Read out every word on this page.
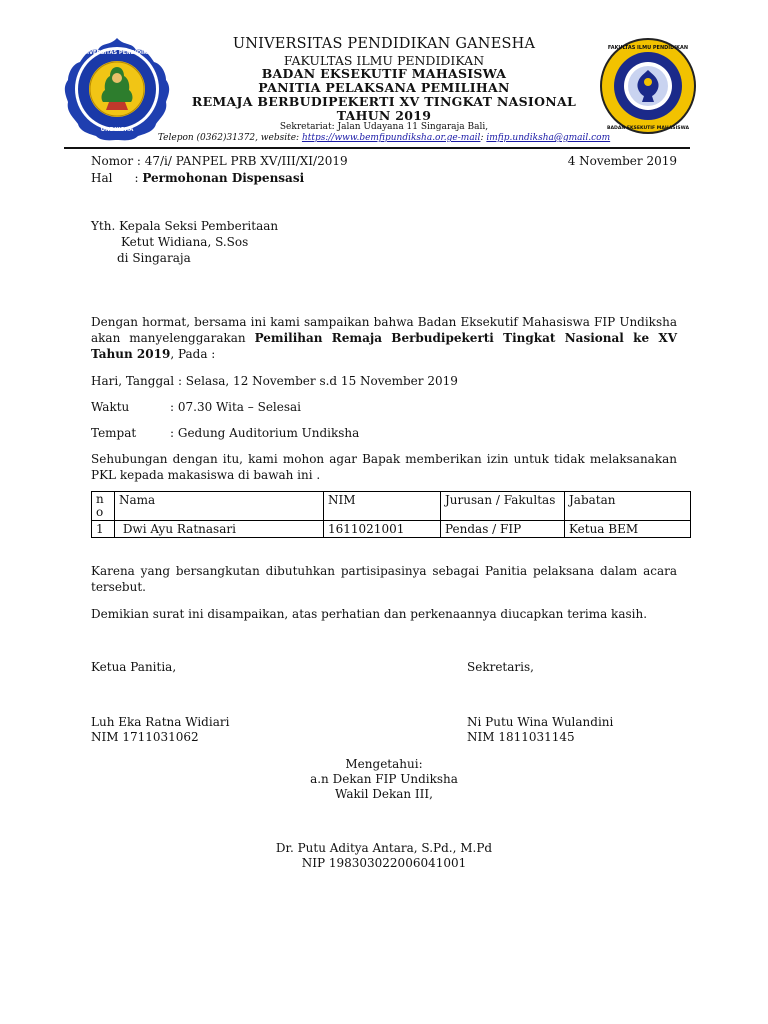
UNIVERSITAS PENDIDIKAN
UNDIKSHA
FAKULTAS ILMU PENDIDIKAN
BADAN EKSEKUTIF MAHASISWA
UNIVERSITAS PENDIDIKAN GANESHA
FAKULTAS ILMU PENDIDIKAN
BADAN EKSEKUTIF MAHASISWA
PANITIA PELAKSANA PEMILIHAN
REMAJA BERBUDIPEKERTI XV TINGKAT NASIONAL
TAHUN 2019
Sekretariat: Jalan Udayana 11 Singaraja Bali,
Telepon (0362)31372, website: https://www.bemfipundiksha.or.ge-mail: imfip.undiksha@gmail.com
Nomor : 47/i/ PANPEL PRB XV/III/XI/2019	4 November 2019
Hal : Permohonan Dispensasi
Yth. Kepala Seksi Pemberitaan
Ketut Widiana, S.Sos
di Singaraja
Dengan hormat, bersama ini kami sampaikan bahwa Badan Eksekutif Mahasiswa FIP Undiksha akan manyelenggarakan Pemilihan Remaja Berbudipekerti Tingkat Nasional ke XV Tahun 2019, Pada :
Hari, Tanggal : Selasa, 12 November s.d 15 November 2019
Waktu	: 07.30 Wita – Selesai
Tempat	: Gedung Auditorium Undiksha
Sehubungan dengan itu, kami mohon agar Bapak memberikan izin untuk tidak melaksanakan PKL kepada makasiswa di bawah ini .
n
o	Nama	NIM	Jurusan / Fakultas	Jabatan
1	Dwi Ayu Ratnasari	1611021001	Pendas / FIP	Ketua BEM
Karena yang bersangkutan dibutuhkan partisipasinya sebagai Panitia pelaksana dalam acara tersebut.
Demikian surat ini disampaikan, atas perhatian dan perkenaannya diucapkan terima kasih.
Ketua Panitia,	Sekretaris,
Luh Eka Ratna Widiari
NIM 1711031062
Ni Putu Wina Wulandini
NIM 1811031145
Mengetahui:
a.n Dekan FIP Undiksha
Wakil Dekan III,
Dr. Putu Aditya Antara, S.Pd., M.Pd
NIP 198303022006041001
